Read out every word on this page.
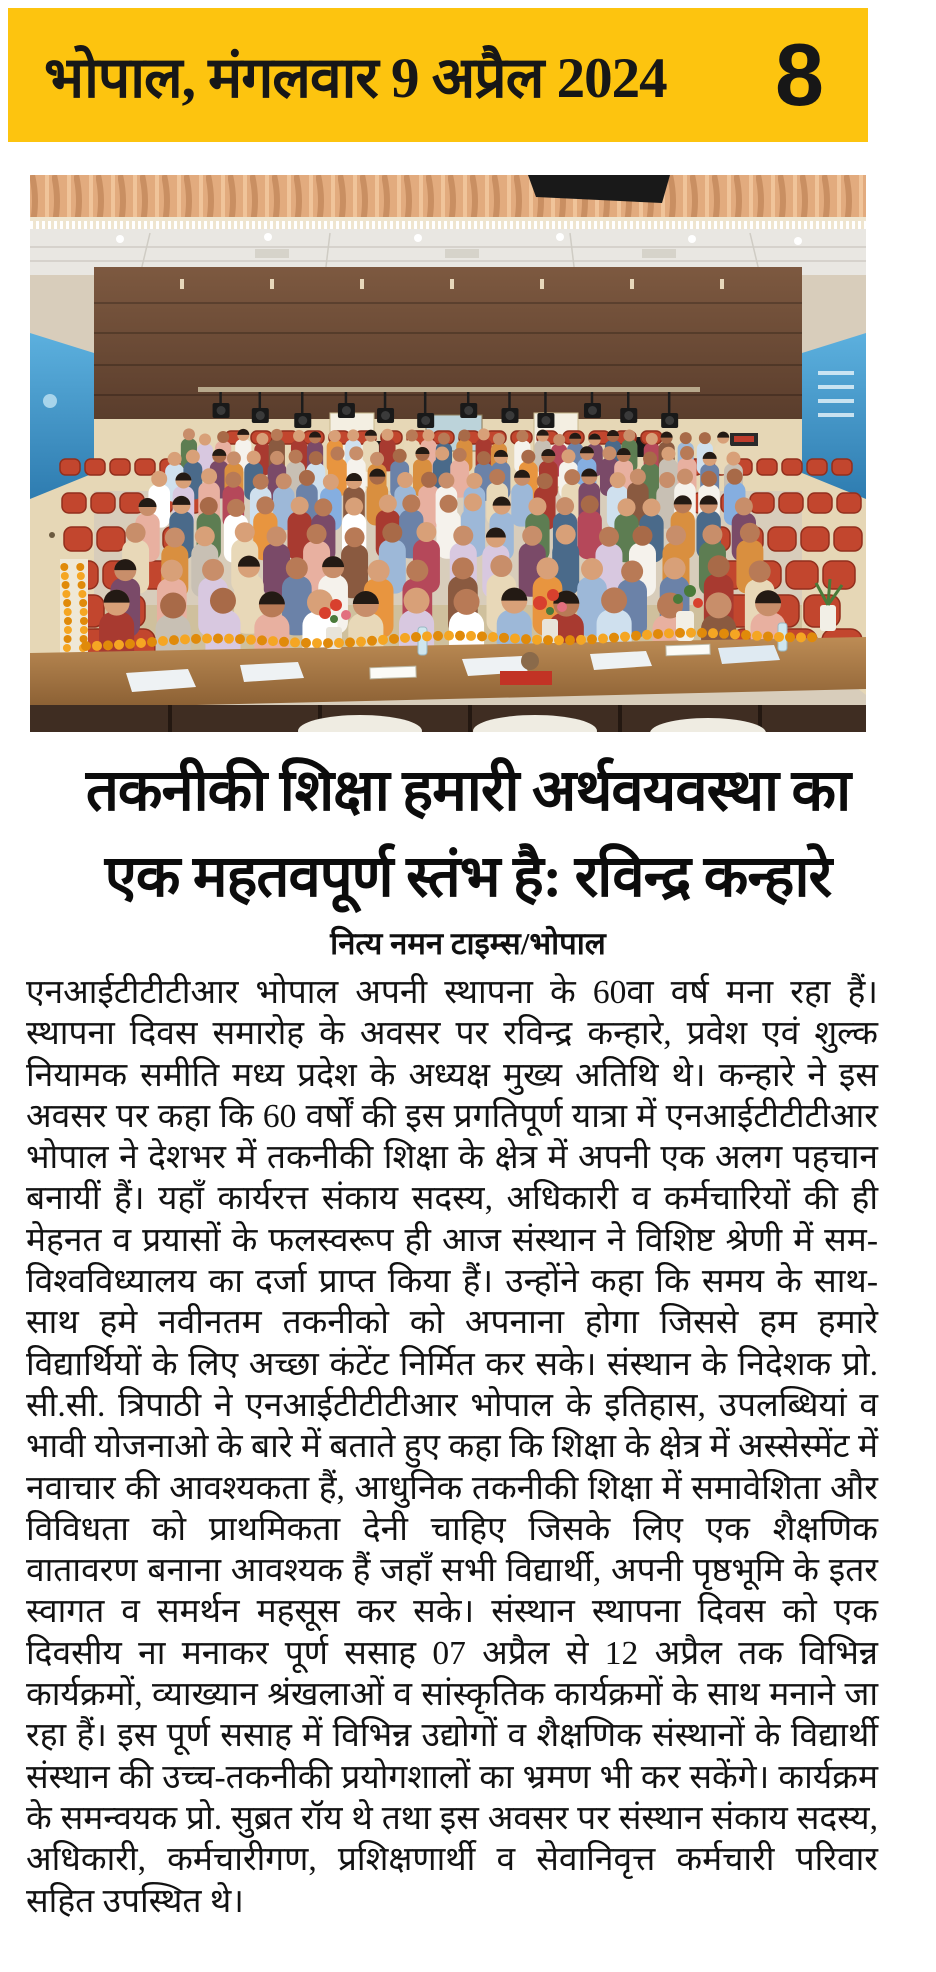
भोपाल, मंगलवार 9 अप्रैल 2024 8
तकनीकी शिक्षा हमारी अर्थवयवस्था का
एक महतवपूर्ण स्तंभ है: रविन्द्र कन्हारे

नित्य नमन टाइम्स/भोपाल

एनआईटीटीटीआर भोपाल अपनी स्थापना के 60वा वर्ष मना रहा हैं। स्थापना दिवस समारोह के अवसर पर रविन्द्र कन्हारे, प्रवेश एवं शुल्क नियामक समीति मध्य प्रदेश के अध्यक्ष मुख्य अतिथि थे। कन्हारे ने इस अवसर पर कहा कि 60 वर्षों की इस प्रगतिपूर्ण यात्रा में एनआईटीटीटीआर भोपाल ने देशभर में तकनीकी शिक्षा के क्षेत्र में अपनी एक अलग पहचान बनायीं हैं। यहाँ कार्यरत्त संकाय सदस्य, अधिकारी व कर्मचारियों की ही मेहनत व प्रयासों के फलस्वरूप ही आज संस्थान ने विशिष्ट श्रेणी में सम-विश्वविध्यालय का दर्जा प्राप्त किया हैं। उन्होंने कहा कि समय के साथ-साथ हमे नवीनतम तकनीको को अपनाना होगा जिससे हम हमारे विद्यार्थियों के लिए अच्छा कंटेंट निर्मित कर सके। संस्थान के निदेशक प्रो. सी.सी. त्रिपाठी ने एनआईटीटीटीआर भोपाल के इतिहास, उपलब्धियां व भावी योजनाओ के बारे में बताते हुए कहा कि शिक्षा के क्षेत्र में अस्सेस्मेंट में नवाचार की आवश्यकता हैं, आधुनिक तकनीकी शिक्षा में समावेशिता और विविधता को प्राथमिकता देनी चाहिए जिसके लिए एक शैक्षणिक वातावरण बनाना आवश्यक हैं जहाँ सभी विद्यार्थी, अपनी पृष्ठभूमि के इतर स्वागत व समर्थन महसूस कर सके। संस्थान स्थापना दिवस को एक दिवसीय ना मनाकर पूर्ण ससाह 07 अप्रैल से 12 अप्रैल तक विभिन्न कार्यक्रमों, व्याख्यान श्रंखलाओं व सांस्कृतिक कार्यक्रमों के साथ मनाने जा रहा हैं। इस पूर्ण ससाह में विभिन्न उद्योगों व शैक्षणिक संस्थानों के विद्यार्थी संस्थान की उच्च-तकनीकी प्रयोगशालों का भ्रमण भी कर सकेंगे। कार्यक्रम के समन्वयक प्रो. सुब्रत रॉय थे तथा इस अवसर पर संस्थान संकाय सदस्य, अधिकारी, कर्मचारीगण, प्रशिक्षणार्थी व सेवानिवृत्त कर्मचारी परिवार सहित उपस्थित थे।
